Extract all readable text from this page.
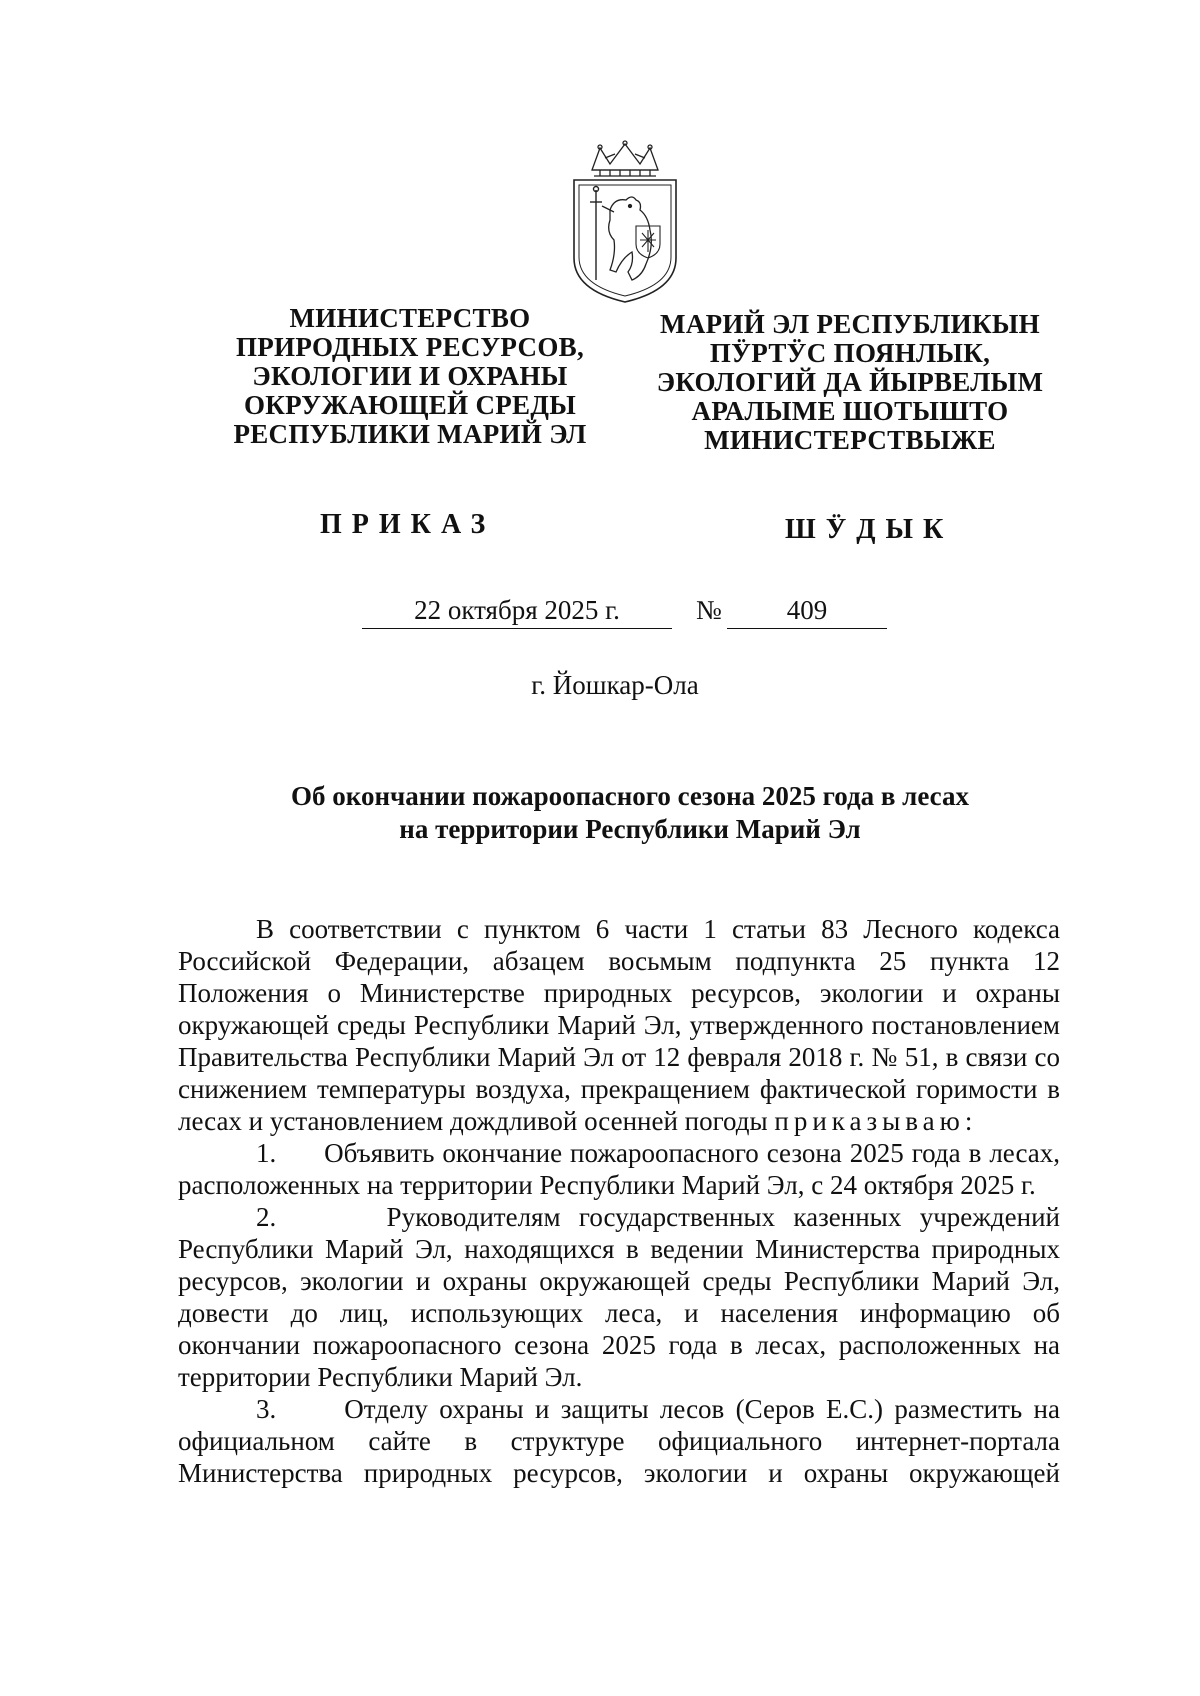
МИНИСТЕРСТВО
ПРИРОДНЫХ РЕСУРСОВ,
ЭКОЛОГИИ И ОХРАНЫ
ОКРУЖАЮЩЕЙ СРЕДЫ
РЕСПУБЛИКИ МАРИЙ ЭЛ
МАРИЙ ЭЛ РЕСПУБЛИКЫН
ПӰРТӰС ПОЯНЛЫК,
ЭКОЛОГИЙ ДА ЙЫРВЕЛЫМ
АРАЛЫМЕ ШОТЫШТО
МИНИСТЕРСТВЫЖЕ
ПРИКАЗ	ШӰДЫК
22 октября 2025 г.	№	409
г. Йошкар-Ола
Об окончании пожароопасного сезона 2025 года в лесах
на территории Республики Марий Эл

В соответствии с пунктом 6 части 1 статьи 83 Лесного кодекса Российской Федерации, абзацем восьмым подпункта 25 пункта 12 Положения о Министерстве природных ресурсов, экологии и охраны окружающей среды Республики Марий Эл, утвержденного постановлением Правительства Республики Марий Эл от 12 февраля 2018 г. № 51, в связи со снижением температуры воздуха, прекращением фактической горимости в лесах и установлением дождливой осенней погоды приказываю:

1.      Объявить окончание пожароопасного сезона 2025 года в лесах, расположенных на территории Республики Марий Эл, с 24 октября 2025 г.

2.      Руководителям государственных казенных учреждений Республики Марий Эл, находящихся в ведении Министерства природных ресурсов, экологии и охраны окружающей среды Республики Марий Эл, довести до лиц, использующих леса, и населения информацию об окончании пожароопасного сезона 2025 года в лесах, расположенных на территории Республики Марий Эл.

3.      Отделу охраны и защиты лесов (Серов Е.С.) разместить на официальном сайте в структуре официального интернет-портала Министерства природных ресурсов, экологии и охраны окружающей
